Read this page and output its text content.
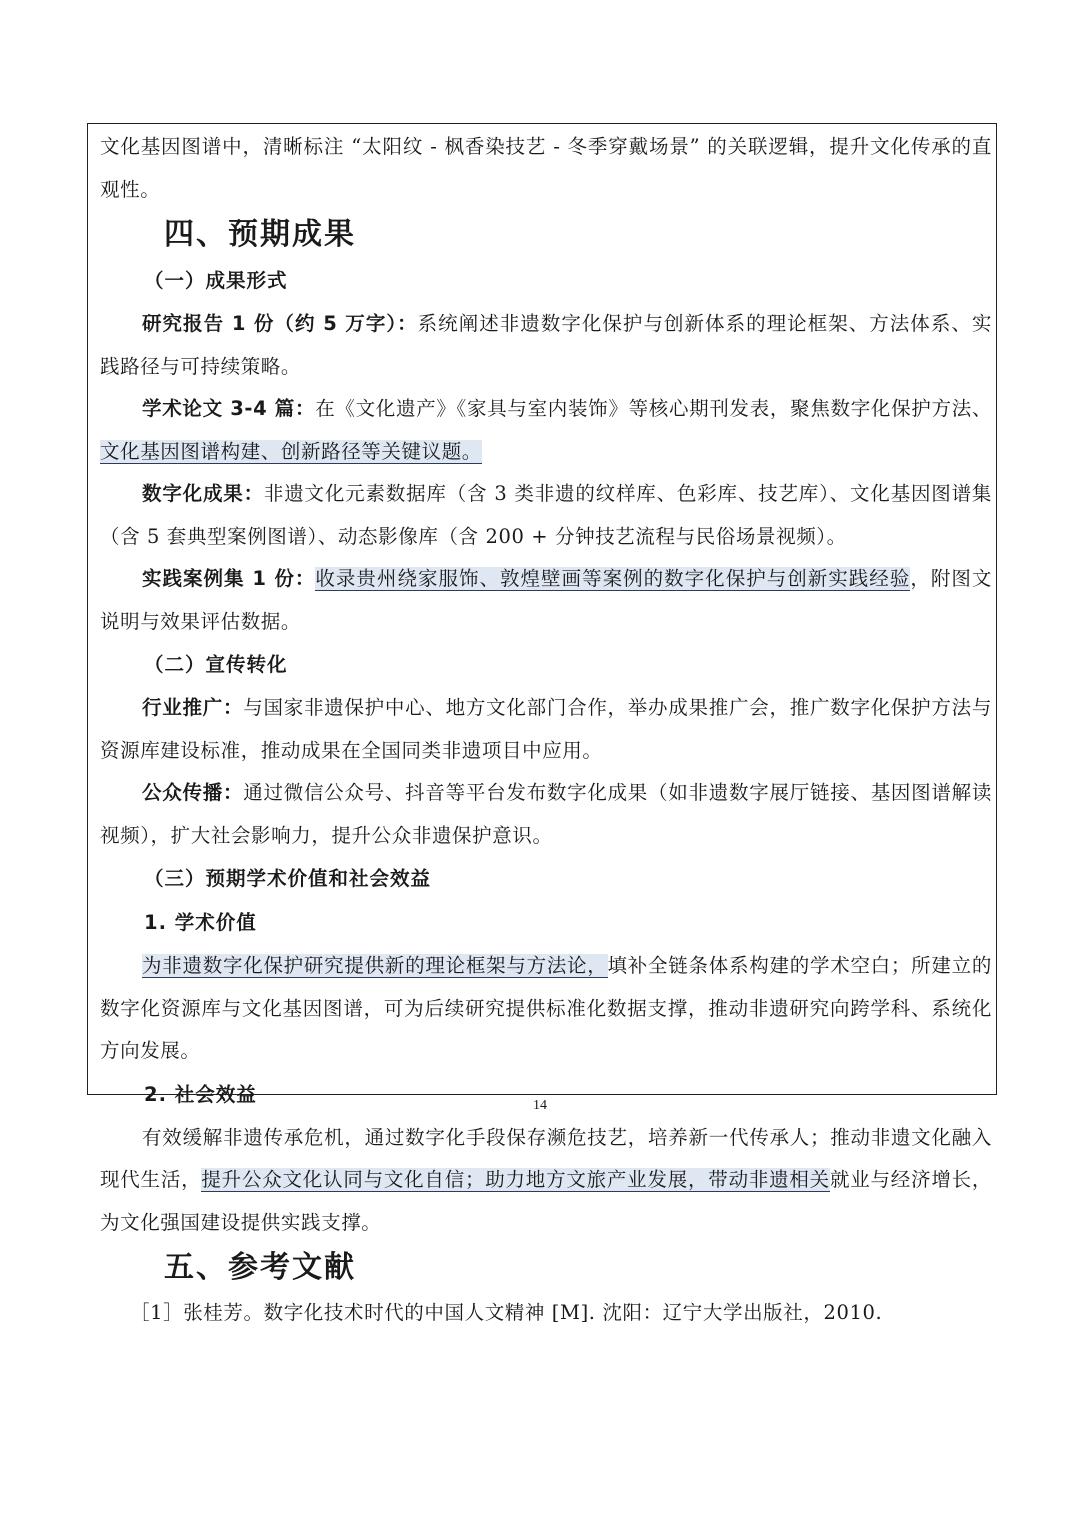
文化基因图谱中，清晰标注 “太阳纹 - 枫香染技艺 - 冬季穿戴场景” 的关联逻辑，提升文化传承的直观性。

四、预期成果

（一）成果形式

研究报告 1 份（约 5 万字）：系统阐述非遗数字化保护与创新体系的理论框架、方法体系、实践路径与可持续策略。

学术论文 3-4 篇：在《文化遗产》《家具与室内装饰》等核心期刊发表，聚焦数字化保护方法、文化基因图谱构建、创新路径等关键议题。

数字化成果：非遗文化元素数据库（含 3 类非遗的纹样库、色彩库、技艺库）、文化基因图谱集（含 5 套典型案例图谱）、动态影像库（含 200 + 分钟技艺流程与民俗场景视频）。

实践案例集 1 份：收录贵州绕家服饰、敦煌壁画等案例的数字化保护与创新实践经验，附图文说明与效果评估数据。

（二）宣传转化

行业推广：与国家非遗保护中心、地方文化部门合作，举办成果推广会，推广数字化保护方法与资源库建设标准，推动成果在全国同类非遗项目中应用。

公众传播：通过微信公众号、抖音等平台发布数字化成果（如非遗数字展厅链接、基因图谱解读视频），扩大社会影响力，提升公众非遗保护意识。

（三）预期学术价值和社会效益

1. 学术价值

为非遗数字化保护研究提供新的理论框架与方法论，填补全链条体系构建的学术空白；所建立的数字化资源库与文化基因图谱，可为后续研究提供标准化数据支撑，推动非遗研究向跨学科、系统化方向发展。

2. 社会效益

有效缓解非遗传承危机，通过数字化手段保存濒危技艺，培养新一代传承人；推动非遗文化融入现代生活，提升公众文化认同与文化自信；助力地方文旅产业发展，带动非遗相关就业与经济增长，为文化强国建设提供实践支撑。

五、参考文献

［1］张桂芳。数字化技术时代的中国人文精神 [M]. 沈阳：辽宁大学出版社，2010.

14
